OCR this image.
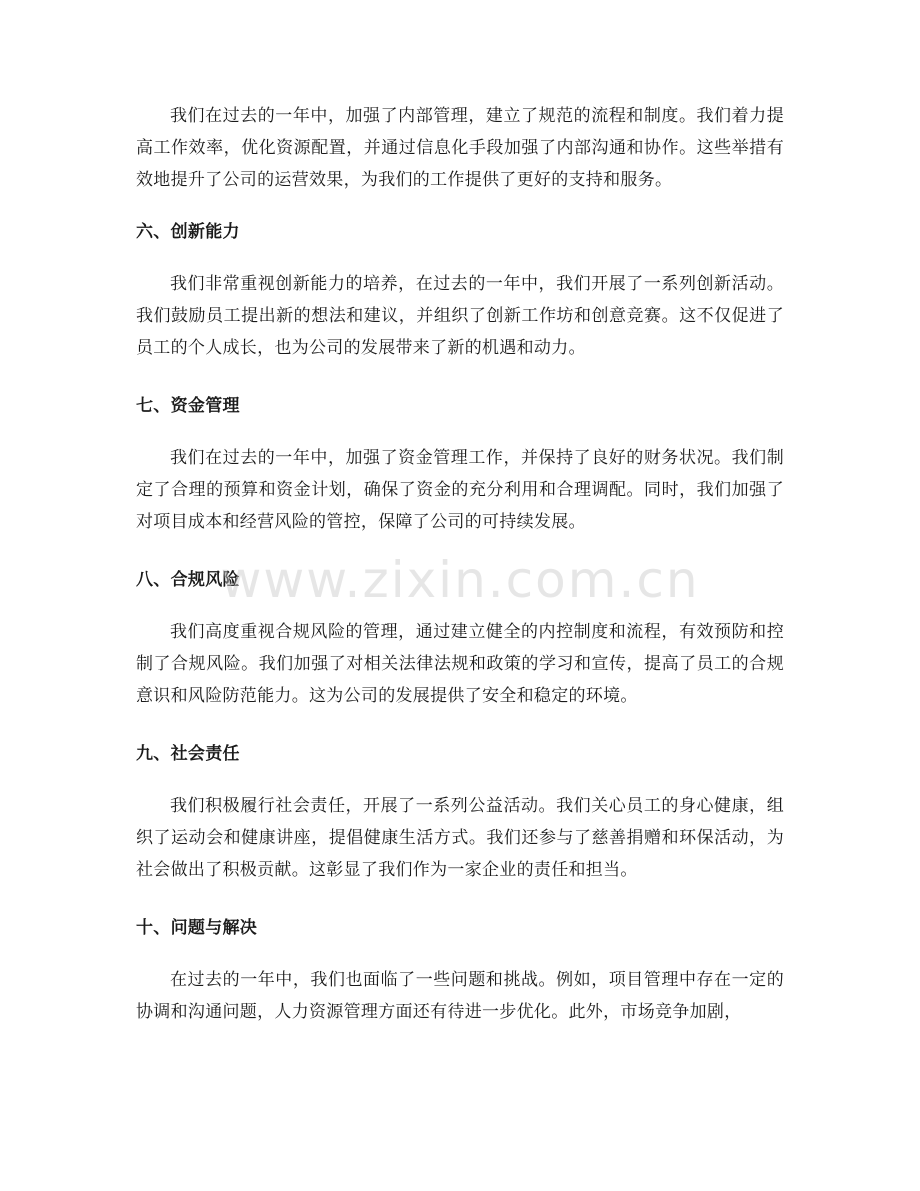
我们在过去的一年中，加强了内部管理，建立了规范的流程和制度。我们着力提高工作效率，优化资源配置，并通过信息化手段加强了内部沟通和协作。这些举措有效地提升了公司的运营效果，为我们的工作提供了更好的支持和服务。

六、创新能力

我们非常重视创新能力的培养，在过去的一年中，我们开展了一系列创新活动。我们鼓励员工提出新的想法和建议，并组织了创新工作坊和创意竞赛。这不仅促进了员工的个人成长，也为公司的发展带来了新的机遇和动力。

七、资金管理

我们在过去的一年中，加强了资金管理工作，并保持了良好的财务状况。我们制定了合理的预算和资金计划，确保了资金的充分利用和合理调配。同时，我们加强了对项目成本和经营风险的管控，保障了公司的可持续发展。

八、合规风险

我们高度重视合规风险的管理，通过建立健全的内控制度和流程，有效预防和控制了合规风险。我们加强了对相关法律法规和政策的学习和宣传，提高了员工的合规意识和风险防范能力。这为公司的发展提供了安全和稳定的环境。

九、社会责任

我们积极履行社会责任，开展了一系列公益活动。我们关心员工的身心健康，组织了运动会和健康讲座，提倡健康生活方式。我们还参与了慈善捐赠和环保活动，为社会做出了积极贡献。这彰显了我们作为一家企业的责任和担当。

十、问题与解决

在过去的一年中，我们也面临了一些问题和挑战。例如，项目管理中存在一定的协调和沟通问题，人力资源管理方面还有待进一步优化。此外，市场竞争加剧，

www.zixin.com.cn
